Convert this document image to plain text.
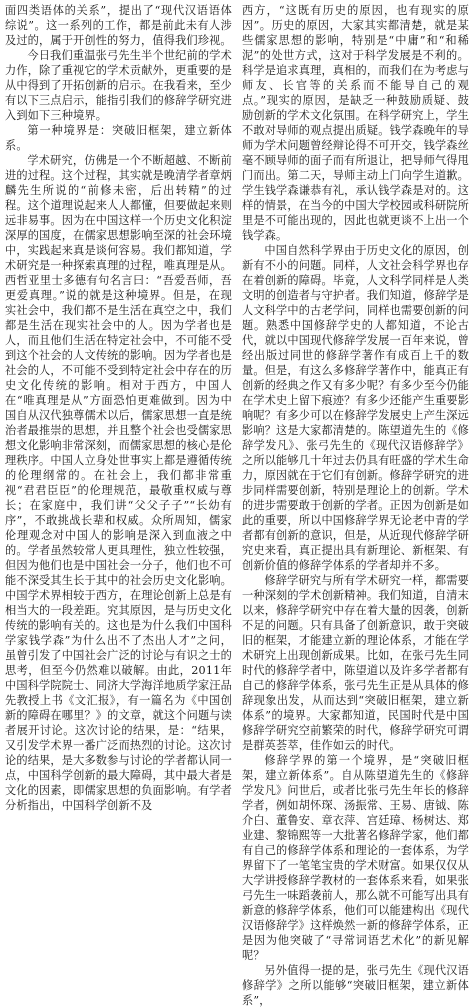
面四类语体的关系”，提出了“现代汉语语体综说”。这一系列的工作，都是前此未有人涉及过的，属于开创性的努力，值得我们珍视。

今日我们重温张弓先生半个世纪前的学术力作，除了重视它的学术贡献外，更重要的是从中得到了开拓创新的启示。在我看来，至少有以下三点启示，能指引我们的修辞学研究进入到如下三种境界。

第一种境界是：突破旧框架，建立新体系。

学术研究，仿佛是一个不断超越、不断前进的过程。这个过程，其实就是晚清学者章炳麟先生所说的“前修未密，后出转精”的过程。这个道理说起来人人都懂，但要做起来则远非易事。因为在中国这样一个历史文化积淀深厚的国度，在儒家思想影响至深的社会环境中，实践起来真是谈何容易。我们都知道，学术研究是一种探索真理的过程，唯真理是从。西哲亚里士多德有句名言曰：“吾爱吾师，吾更爱真理。”说的就是这种境界。但是，在现实社会中，我们都不是生活在真空之中，我们都是生活在现实社会中的人。因为学者也是人，而且他们生活在特定社会中，不可能不受到这个社会的人文传统的影响。因为学者也是社会的人，不可能不受到特定社会中存在的历史文化传统的影响。相对于西方，中国人在“唯真理是从”方面恐怕更难做到。因为中国自从汉代独尊儒术以后，儒家思想一直是统治者最推崇的思想，并且整个社会也受儒家思想文化影响非常深刻，而儒家思想的核心是伦理秩序。中国人立身处世事实上都是遵循传统的伦理纲常的。在社会上，我们都非常重视“君君臣臣”的伦理规范，最敬重权威与尊长；在家庭中，我们讲“父父子子”“长幼有序”，不敢挑战长辈和权威。众所周知，儒家伦理观念对中国人的影响是深入到血液之中的。学者虽然较常人更具理性，独立性较强，但因为他们也是中国社会一分子，他们也不可能不深受其生长于其中的社会历史文化影响。中国学术界相较于西方，在理论创新上总是有相当大的一段差距。究其原因，是与历史文化传统的影响有关的。这也是为什么我们中国科学家钱学森”为什么出不了杰出人才”之问，虽曾引发了中国社会广泛的讨论与有识之士的思考，但至今仍然难以破解。由此，2011年中国科学院院士、同济大学海洋地质学家汪品先教授上书《文汇报》，有一篇名为《中国创新的障碍在哪里？》的文章，就这个问题与读者展开讨论。这次讨论的结果，是：“结果，又引发学术界一番广泛而热烈的讨论。这次讨论的结果，是大多数参与讨论的学者都认同一点，中国科学创新的最大障碍，其中最大者是文化的因素，即儒家思想的负面影响。有学者分析指出，中国科学创新不及

西方，“这既有历史的原因，也有现实的原因”。历史的原因，大家其实都清楚，就是某些儒家思想的影响，特别是“中庸”和“和稀泥”的处世方式，这对于科学发展是不利的。科学是追求真理，真相的，而我们在为考虑与师友、长官等的关系而不能导自己的观点。”现实的原因，是缺乏一种鼓励质疑、鼓励创新的学术文化氛围。在科学研究上，学生不敢对导师的观点提出质疑。钱学森晚年的导师为学术问题曾经辩论得不可开交，钱学森丝毫不顾导师的面子而有所退让，把导师气得甩门而出。第二天，导师主动上门向学生道歉。学生钱学森谦恭有礼，承认钱学森是对的。这样的情景，在当今的中国大学校园或科研院所里是不可能出现的，因此也就更谈不上出一个钱学森。

中国自然科学界由于历史文化的原因，创新有不小的问题。同样，人文社会科学界也存在着创新的障碍。毕竟，人文科学同样是人类文明的创造者与守护者。我们知道，修辞学是人文科学中的古老学问，同样也需要创新的问题。熟悉中国修辞学史的人都知道，不论古代，就以中国现代修辞学发展一百年来说，曾经出版过同世的修辞学著作有成百上千的数量。但是，有这么多修辞学著作中，能真正有创新的经典之作又有多少呢？有多少至今仍能在学术史上留下痕迹？有多少还能产生重要影响呢？有多少可以在修辞学发展史上产生深远影响？这是大家都清楚的。陈望道先生的《修辞学发凡》、张弓先生的《现代汉语修辞学》之所以能够几十年过去仍具有旺盛的学术生命力，原因就在于它们有创新。修辞学研究的进步同样需要创新，特别是理论上的创新。学术的进步需要敢于创新的学者。正因为创新是如此的重要，所以中国修辞学界无论老中青的学者都有创新的意识，但是，从近现代修辞学研究史来看，真正提出具有新理论、新框架、有创新价值的修辞学体系的学者却并不多。

修辞学研究与所有学术研究一样，都需要一种深刻的学术创新精神。我们知道，自清末以来，修辞学研究中存在着大量的因袭，创新不足的问题。只有具备了创新意识，敢于突破旧的框架，才能建立新的理论体系，才能在学术研究上出现创新成果。比如，在张弓先生同时代的修辞学者中，陈望道以及许多学者都有自己的修辞学体系，张弓先生正是从具体的修辞现象出发，从而达到“突破旧框架，建立新体系”的境界。大家都知道，民国时代是中国修辞学研究空前繁荣的时代，修辞学研究可谓是群英荟萃，佳作如云的时代。

修辞学界的第一个境界，是“突破旧框架，建立新体系”。自从陈望道先生的《修辞学发凡》问世后，或者比张弓先生年长的修辞学者，例如胡怀琛、汤振常、王易、唐钺、陈介白、董鲁安、章衣萍、宫廷璋、杨树达、郑业建、黎锦熙等一大批著名修辞学家，他们都有自己的修辞学体系和理论的一套体系，为学界留下了一笔笔宝贵的学术财富。如果仅仅从大学讲授修辞学教材的一套体系来看，如果张弓先生一味蹈袭前人，那么就不可能写出具有新意的修辞学体系，他们可以能建构出《现代汉语修辞学》这样焕然一新的修辞学体系，正是因为他突破了“寻常词语艺术化”的新见解呢？

另外值得一提的是，张弓先生《现代汉语修辞学》之所以能够“突破旧框架，建立新体系”，
